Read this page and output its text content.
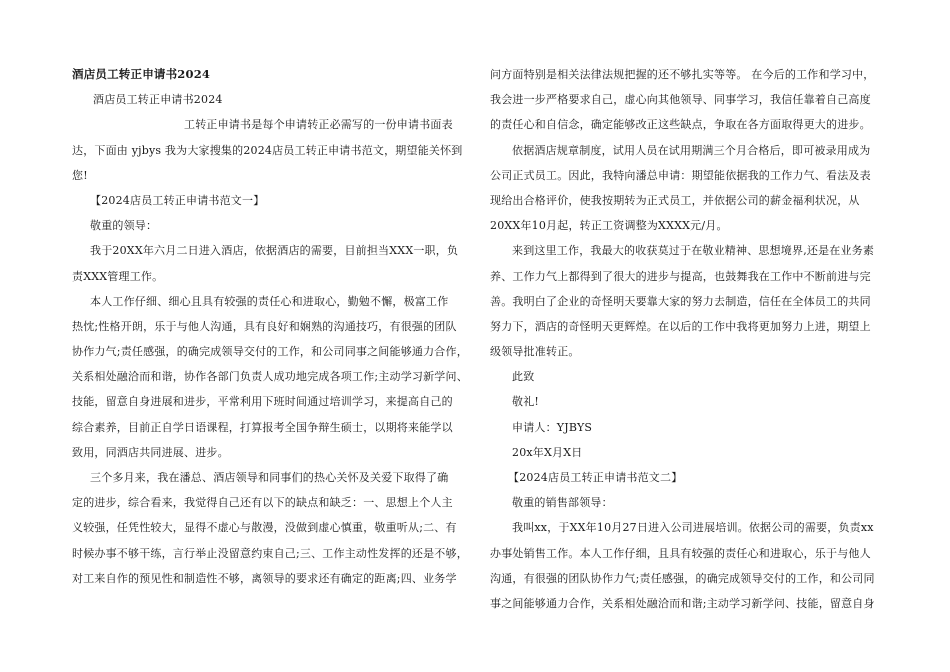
酒店员工转正申请书2024
酒店员工转正申请书2024
工转正申请书是每个申请转正必需写的一份申请书面表
达，下面由 yjbys 我为大家搜集的2024店员工转正申请书范文，期望能关怀到
您!
【2024店员工转正申请书范文一】
敬重的领导：
我于20XX年六月二日进入酒店，依据酒店的需要，目前担当XXX一职，负
责XXX管理工作。
本人工作仔细、细心且具有较强的责任心和进取心，勤勉不懈，极富工作
热忱;性格开朗，乐于与他人沟通，具有良好和娴熟的沟通技巧，有很强的团队
协作力气;责任感强，的确完成领导交付的工作，和公司同事之间能够通力合作，
关系相处融洽而和谐，协作各部门负责人成功地完成各项工作;主动学习新学问、
技能，留意自身进展和进步，平常利用下班时间通过培训学习，来提高自己的
综合素养，目前正自学日语课程，打算报考全国争辩生硕士，以期将来能学以
致用，同酒店共同进展、进步。
三个多月来，我在潘总、酒店领导和同事们的热心关怀及关爱下取得了确
定的进步，综合看来，我觉得自己还有以下的缺点和缺乏：一、思想上个人主
义较强，任凭性较大，显得不虚心与散漫，没做到虚心慎重，敬重听从;二、有
时候办事不够干练，言行举止没留意约束自己;三、工作主动性发挥的还是不够，
对工来自作的预见性和制造性不够，离领导的要求还有确定的距离;四、业务学
问方面特别是相关法律法规把握的还不够扎实等等。 在今后的工作和学习中，
我会进一步严格要求自己，虚心向其他领导、同事学习，我信任靠着自己高度
的责任心和自信念，确定能够改正这些缺点，争取在各方面取得更大的进步。
依据酒店规章制度，试用人员在试用期满三个月合格后，即可被录用成为
公司正式员工。因此，我特向潘总申请：期望能依据我的工作力气、看法及表
现给出合格评价，使我按期转为正式员工，并依据公司的薪金福利状况，从
20XX年10月起，转正工资调整为XXXX元/月。
来到这里工作，我最大的收获莫过于在敬业精神、思想境界,还是在业务素
养、工作力气上都得到了很大的进步与提高，也鼓舞我在工作中不断前进与完
善。我明白了企业的奇怪明天要靠大家的努力去制造，信任在全体员工的共同
努力下，酒店的奇怪明天更辉煌。在以后的工作中我将更加努力上进，期望上
级领导批准转正。
此致
敬礼!
申请人：YJBYS
20x年X月X日
【2024店员工转正申请书范文二】
敬重的销售部领导：
我叫xx，于XX年10月27日进入公司进展培训。依据公司的需要，负责xx
办事处销售工作。本人工作仔细，且具有较强的责任心和进取心，乐于与他人
沟通，有很强的团队协作力气;责任感强，的确完成领导交付的工作，和公司同
事之间能够通力合作，关系相处融洽而和谐;主动学习新学问、技能，留意自身
